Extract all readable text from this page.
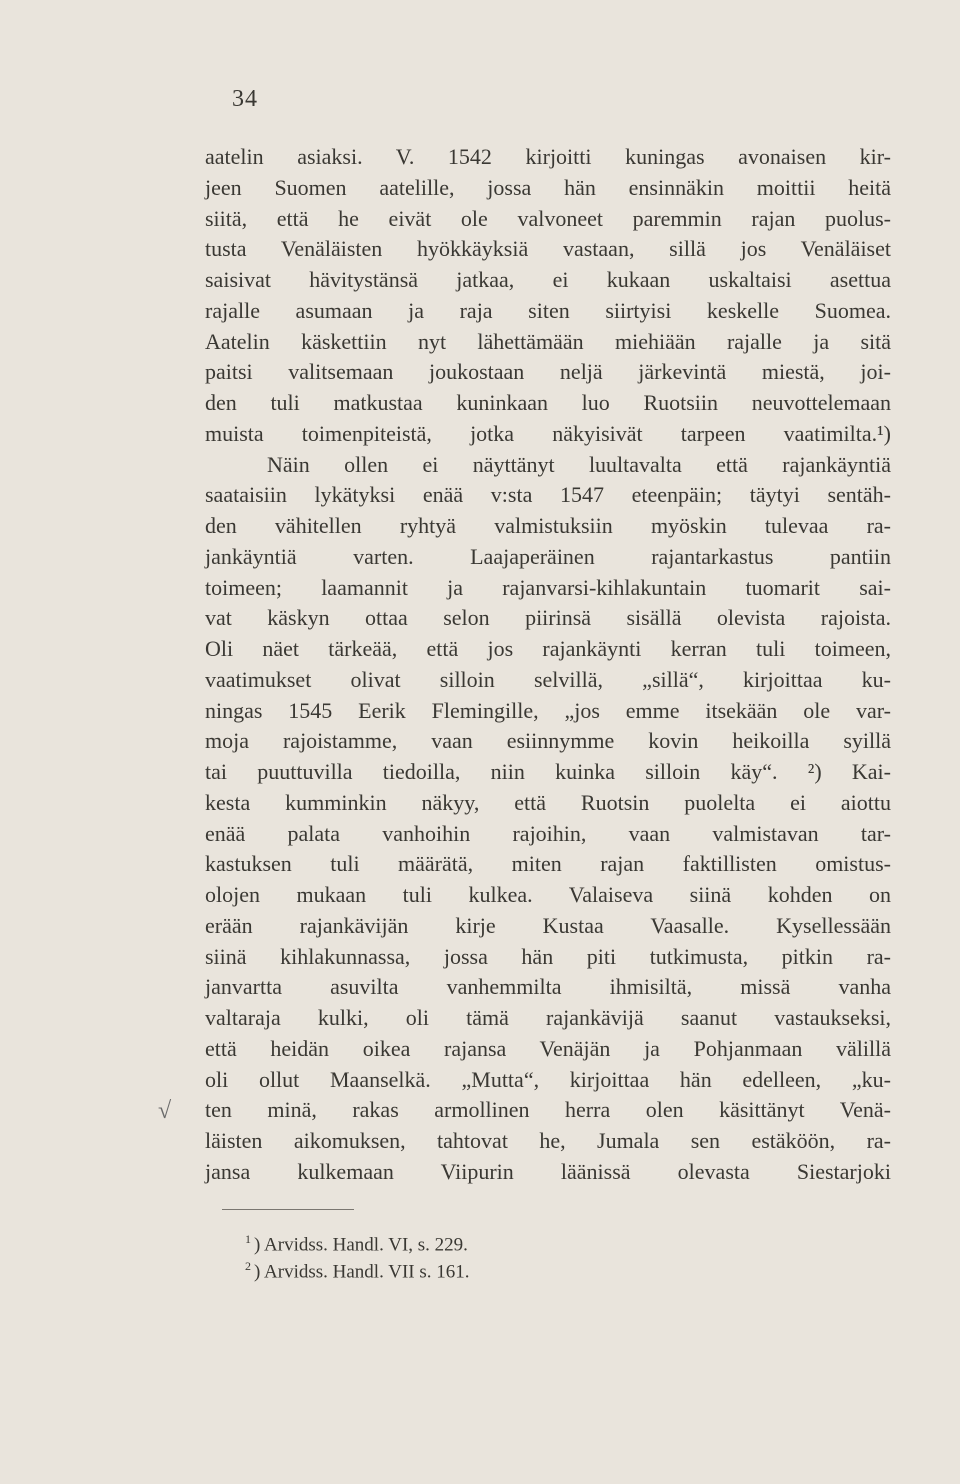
34
aatelin asiaksi. V. 1542 kirjoitti kuningas avonaisen kir-
jeen Suomen aatelille, jossa hän ensinnäkin moittii heitä
siitä, että he eivät ole valvoneet paremmin rajan puolus-
tusta Venäläisten hyökkäyksiä vastaan, sillä jos Venäläiset
saisivat hävitystänsä jatkaa, ei kukaan uskaltaisi asettua
rajalle asumaan ja raja siten siirtyisi keskelle Suomea.
Aatelin käskettiin nyt lähettämään miehiään rajalle ja sitä
paitsi valitsemaan joukostaan neljä järkevintä miestä, joi-
den tuli matkustaa kuninkaan luo Ruotsiin neuvottelemaan
muista toimenpiteistä, jotka näkyisivät tarpeen vaatimilta.¹)
Näin ollen ei näyttänyt luultavalta että rajankäyntiä
saataisiin lykätyksi enää v:sta 1547 eteenpäin; täytyi sentäh-
den vähitellen ryhtyä valmistuksiin myöskin tulevaa ra-
jankäyntiä varten. Laajaperäinen rajantarkastus pantiin
toimeen; laamannit ja rajanvarsi-kihlakuntain tuomarit sai-
vat käskyn ottaa selon piirinsä sisällä olevista rajoista.
Oli näet tärkeää, että jos rajankäynti kerran tuli toimeen,
vaatimukset olivat silloin selvillä, „sillä“, kirjoittaa ku-
ningas 1545 Eerik Flemingille, „jos emme itsekään ole var-
moja rajoistamme, vaan esiinnymme kovin heikoilla syillä
tai puuttuvilla tiedoilla, niin kuinka silloin käy“. ²) Kai-
kesta kumminkin näkyy, että Ruotsin puolelta ei aiottu
enää palata vanhoihin rajoihin, vaan valmistavan tar-
kastuksen tuli määrätä, miten rajan faktillisten omistus-
olojen mukaan tuli kulkea. Valaiseva siinä kohden on
erään rajankävijän kirje Kustaa Vaasalle. Kysellessään
siinä kihlakunnassa, jossa hän piti tutkimusta, pitkin ra-
janvartta asuvilta vanhemmilta ihmisiltä, missä vanha
valtaraja kulki, oli tämä rajankävijä saanut vastaukseksi,
että heidän oikea rajansa Venäjän ja Pohjanmaan välillä
oli ollut Maanselkä. „Mutta“, kirjoittaa hän edelleen, „ku-
ten minä, rakas armollinen herra olen käsittänyt Venä-
läisten aikomuksen, tahtovat he, Jumala sen estäköön, ra-
jansa kulkemaan Viipurin läänissä olevasta Siestarjoki
√
$^1$ ) Arvidss. Handl. VI, s. 229.
$^2$ ) Arvidss. Handl. VII s. 161.
